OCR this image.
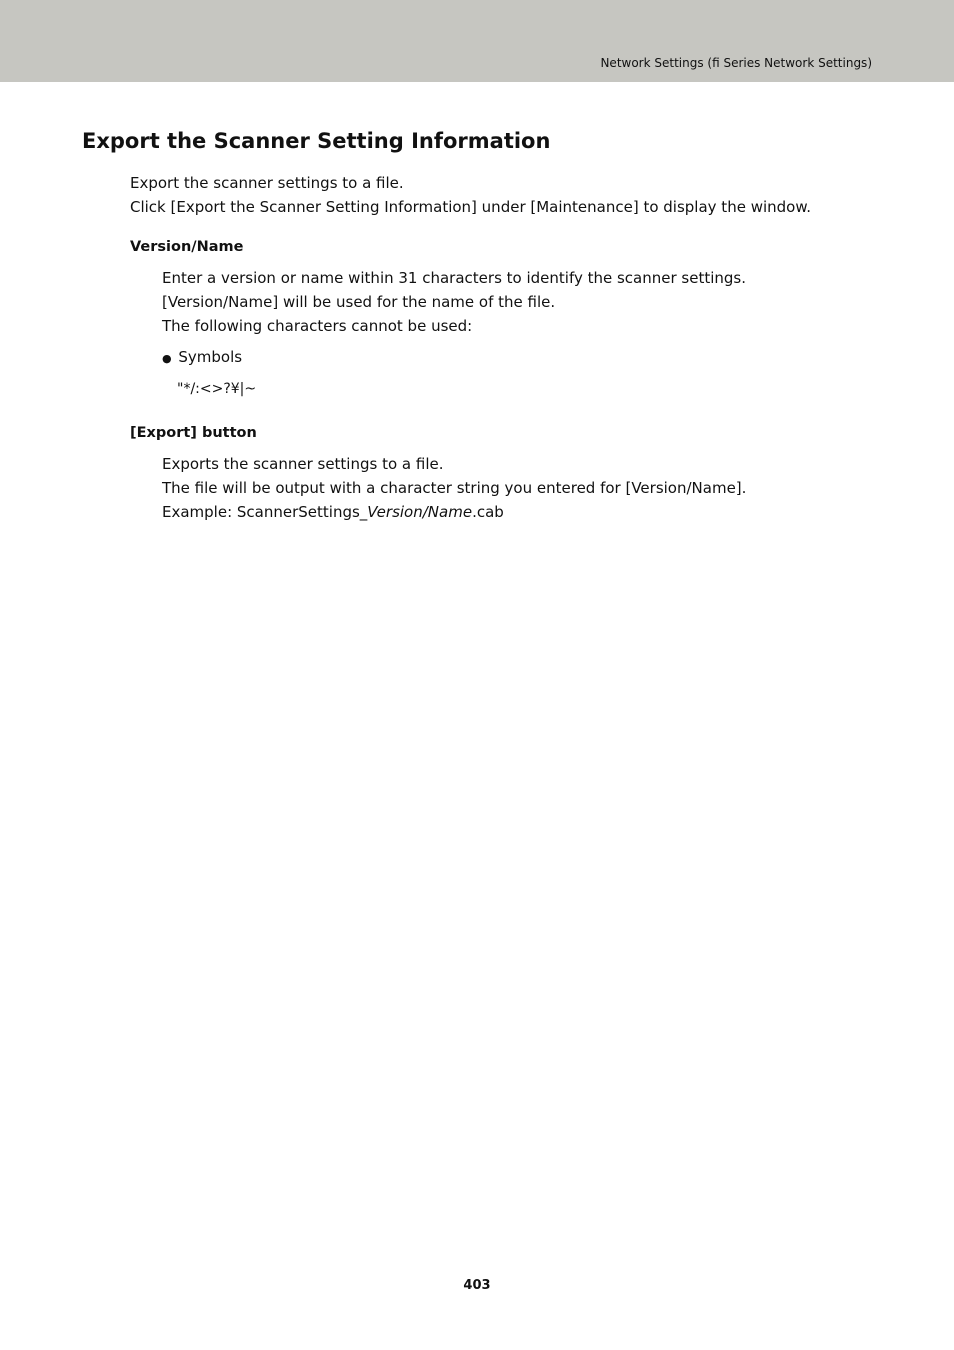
Network Settings (fi Series Network Settings)
Export the Scanner Setting Information
Export the scanner settings to a file.
Click [Export the Scanner Setting Information] under [Maintenance] to display the window.
Version/Name
Enter a version or name within 31 characters to identify the scanner settings.
[Version/Name] will be used for the name of the file.
The following characters cannot be used:
● Symbols
"*/:<>?¥|~
[Export] button
Exports the scanner settings to a file.
The file will be output with a character string you entered for [Version/Name].
Example: ScannerSettings_Version/Name.cab
403
